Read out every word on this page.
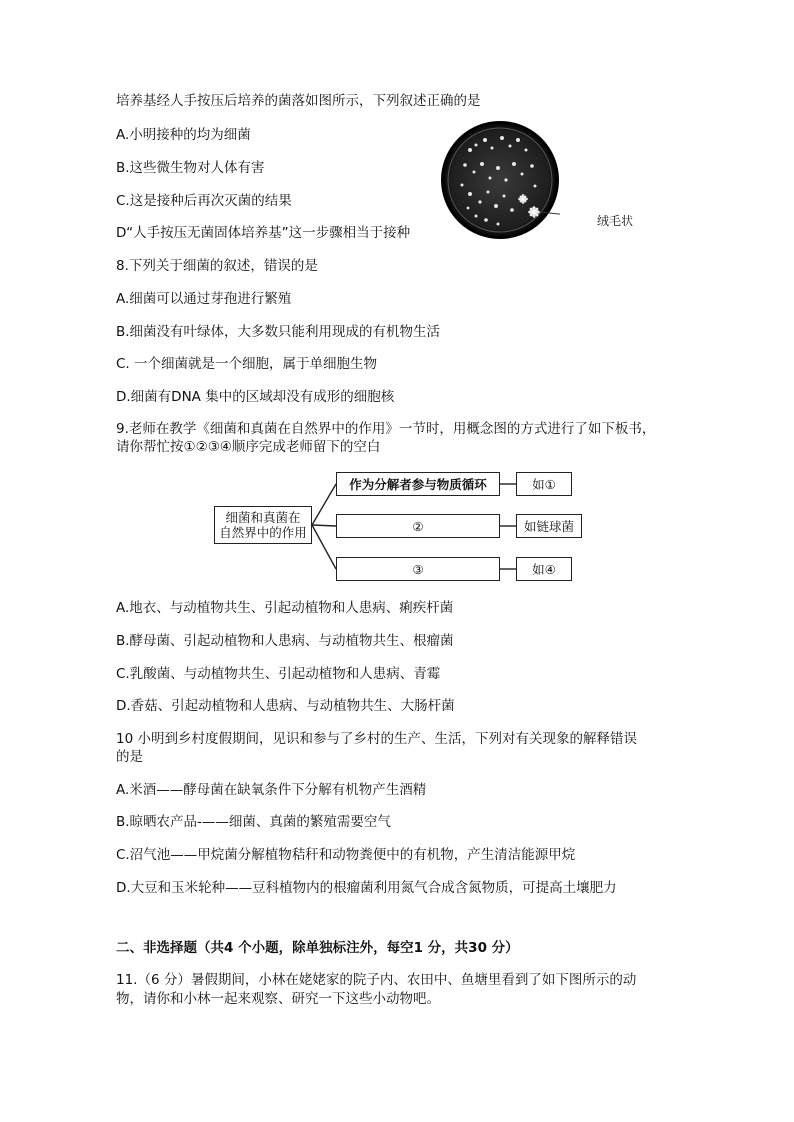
培养基经人手按压后培养的菌落如图所示，下列叙述正确的是
A.小明接种的均为细菌
B.这些微生物对人体有害
C.这是接种后再次灭菌的结果
D“人手按压无菌固体培养基”这一步骤相当于接种
绒毛状
8.下列关于细菌的叙述，错误的是
A.细菌可以通过芽孢进行繁殖
B.细菌没有叶绿体，大多数只能利用现成的有机物生活
C. 一个细菌就是一个细胞，属于单细胞生物
D.细菌有DNA 集中的区域却没有成形的细胞核
9.老师在教学《细菌和真菌在自然界中的作用》一节时，用概念图的方式进行了如下板书，
请你帮忙按①②③④顺序完成老师留下的空白
细菌和真菌在
自然界中的作用
作为分解者参与物质循环
②
③
如①
如链球菌
如④
A.地衣、与动植物共生、引起动植物和人患病、痢疾杆菌
B.酵母菌、引起动植物和人患病、与动植物共生、根瘤菌
C.乳酸菌、与动植物共生、引起动植物和人患病、青霉
D.香菇、引起动植物和人患病、与动植物共生、大肠杆菌
10 小明到乡村度假期间，见识和参与了乡村的生产、生活，下列对有关现象的解释错误
的是
A.米酒——酵母菌在缺氧条件下分解有机物产生酒精
B.晾晒农产品-——细菌、真菌的繁殖需要空气
C.沼气池——甲烷菌分解植物秸秆和动物粪便中的有机物，产生清洁能源甲烷
D.大豆和玉米轮种——豆科植物内的根瘤菌利用氮气合成含氮物质，可提高土壤肥力
二、非选择题（共4 个小题，除单独标注外，每空1 分，共30 分）
11.（6 分）暑假期间，小林在姥姥家的院子内、农田中、鱼塘里看到了如下图所示的动
物，请你和小林一起来观察、研究一下这些小动物吧。
